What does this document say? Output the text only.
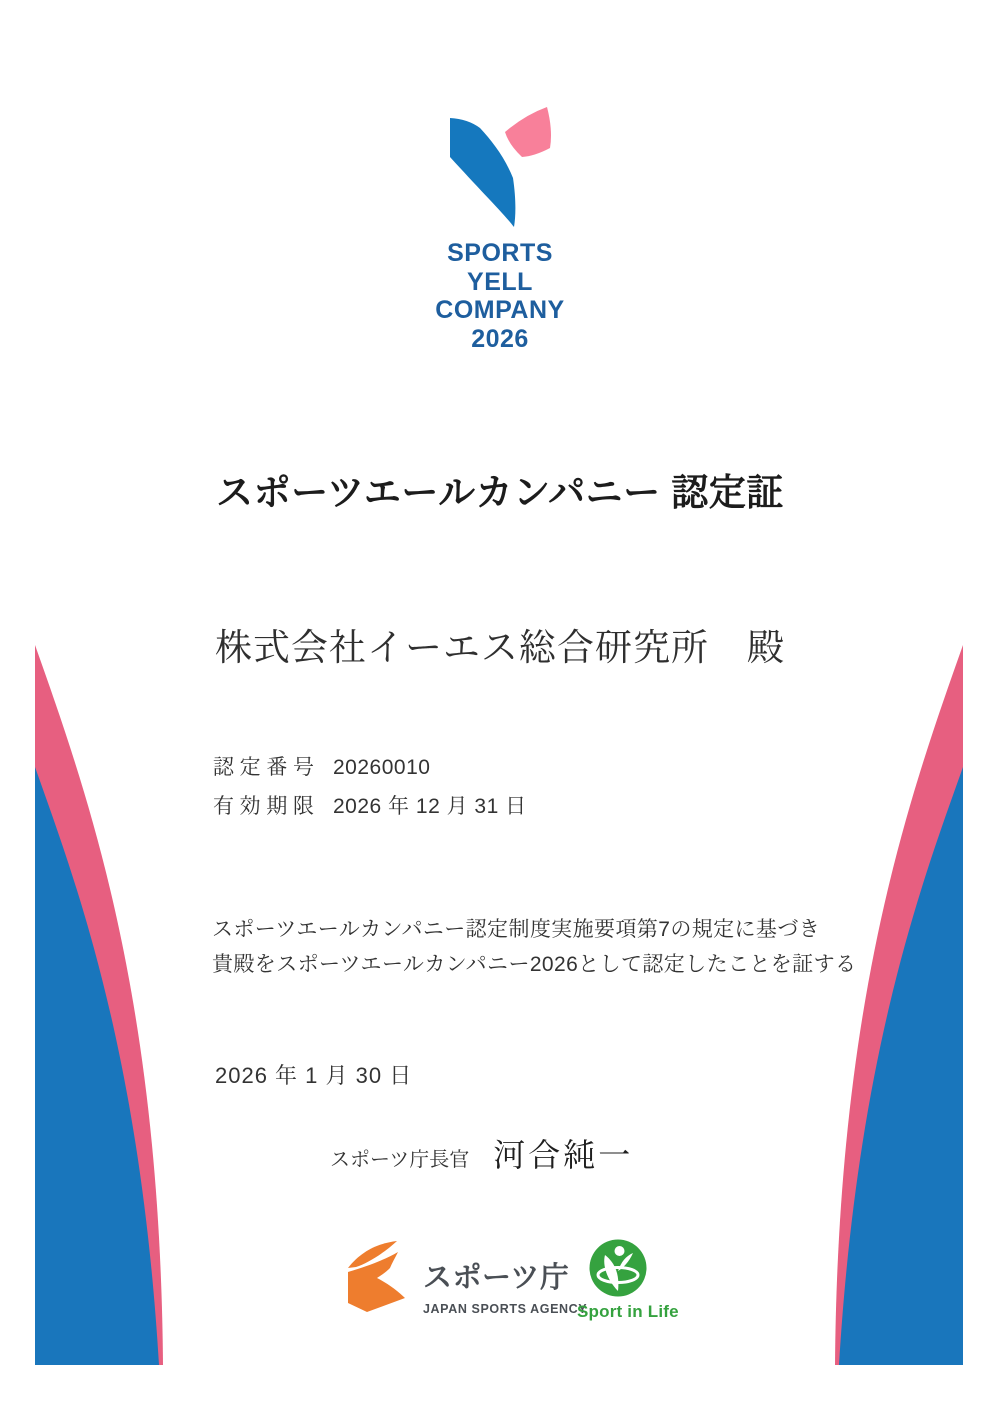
SPORTS
YELL
COMPANY
2026
スポーツエールカンパニー 認定証
株式会社イーエス総合研究所　殿
認定番号 20260010
有効期限 2026 年 12 月 31 日
スポーツエールカンパニー認定制度実施要項第7の規定に基づき
貴殿をスポーツエールカンパニー2026として認定したことを証する
2026 年 1 月 30 日
スポーツ庁長官 河合純一
スポーツ庁
JAPAN SPORTS AGENCY
Sport in Life
